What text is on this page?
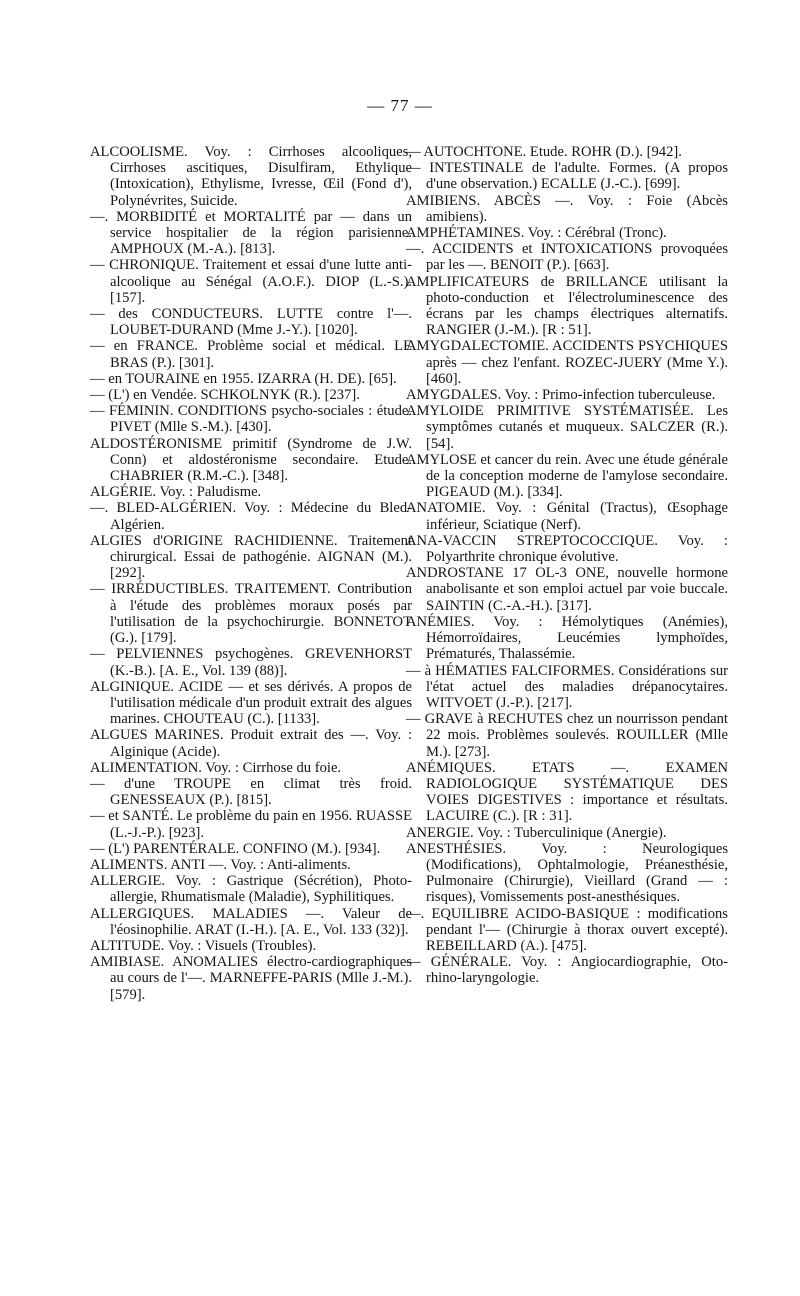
— 77 —

ALCOOLISME. Voy. : Cirrhoses alcooliques, Cirrhoses ascitiques, Disulfiram, Ethylique (Intoxication), Ethylisme, Ivresse, Œil (Fond d'), Polynévrites, Suicide.

—. MORBIDITÉ et MORTALITÉ par — dans un service hospitalier de la région parisienne. AMPHOUX (M.-A.). [813].

— CHRONIQUE. Traitement et essai d'une lutte anti-alcoolique au Sénégal (A.O.F.). DIOP (L.-S.). [157].

— des CONDUCTEURS. LUTTE contre l'—. LOUBET-DURAND (Mme J.-Y.). [1020].

— en FRANCE. Problème social et médical. LE BRAS (P.). [301].

— en TOURAINE en 1955. IZARRA (H. DE). [65].

— (L') en Vendée. SCHKOLNYK (R.). [237].

— FÉMININ. CONDITIONS psycho-sociales : étude. PIVET (Mlle S.-M.). [430].

ALDOSTÉRONISME primitif (Syndrome de J.W. Conn) et aldostéronisme secondaire. Etude. CHABRIER (R.M.-C.). [348].

ALGÉRIE. Voy. : Paludisme.

—. BLED-ALGÉRIEN. Voy. : Médecine du Bled-Algérien.

ALGIES d'ORIGINE RACHIDIENNE. Traitement chirurgical. Essai de pathogénie. AIGNAN (M.). [292].

— IRRÉDUCTIBLES. TRAITEMENT. Contribution à l'étude des problèmes moraux posés par l'utilisation de la psychochirurgie. BONNETOT (G.). [179].

— PELVIENNES psychogènes. GREVENHORST (K.-B.). [A. E., Vol. 139 (88)].

ALGINIQUE. ACIDE — et ses dérivés. A propos de l'utilisation médicale d'un produit extrait des algues marines. CHOUTEAU (C.). [1133].

ALGUES MARINES. Produit extrait des —. Voy. : Alginique (Acide).

ALIMENTATION. Voy. : Cirrhose du foie.

— d'une TROUPE en climat très froid. GENESSEAUX (P.). [815].

— et SANTÉ. Le problème du pain en 1956. RUASSE (L.-J.-P.). [923].

— (L') PARENTÉRALE. CONFINO (M.). [934].

ALIMENTS. ANTI —. Voy. : Anti-aliments.

ALLERGIE. Voy. : Gastrique (Sécrétion), Photo-allergie, Rhumatismale (Maladie), Syphilitiques.

ALLERGIQUES. MALADIES —. Valeur de l'éosinophilie. ARAT (I.-H.). [A. E., Vol. 133 (32)].

ALTITUDE. Voy. : Visuels (Troubles).

AMIBIASE. ANOMALIES électro-cardiographiques au cours de l'—. MARNEFFE-PARIS (Mlle J.-M.). [579].

— AUTOCHTONE. Etude. ROHR (D.). [942].

— INTESTINALE de l'adulte. Formes. (A propos d'une observation.) ECALLE (J.-C.). [699].

AMIBIENS. ABCÈS —. Voy. : Foie (Abcès amibiens).

AMPHÉTAMINES. Voy. : Cérébral (Tronc).

—. ACCIDENTS et INTOXICATIONS provoquées par les —. BENOIT (P.). [663].

AMPLIFICATEURS de BRILLANCE utilisant la photo-conduction et l'électroluminescence des écrans par les champs électriques alternatifs. RANGIER (J.-M.). [R : 51].

AMYGDALECTOMIE. ACCIDENTS PSYCHIQUES après — chez l'enfant. ROZEC-JUERY (Mme Y.). [460].

AMYGDALES. Voy. : Primo-infection tuberculeuse.

AMYLOIDE PRIMITIVE SYSTÉMATISÉE. Les symptômes cutanés et muqueux. SALCZER (R.). [54].

AMYLOSE et cancer du rein. Avec une étude générale de la conception moderne de l'amylose secondaire. PIGEAUD (M.). [334].

ANATOMIE. Voy. : Génital (Tractus), Œsophage inférieur, Sciatique (Nerf).

ANA-VACCIN STREPTOCOCCIQUE. Voy. : Polyarthrite chronique évolutive.

ANDROSTANE 17 OL-3 ONE, nouvelle hormone anabolisante et son emploi actuel par voie buccale. SAINTIN (C.-A.-H.). [317].

ANÉMIES. Voy. : Hémolytiques (Anémies), Hémorroïdaires, Leucémies lymphoïdes, Prématurés, Thalassémie.

— à HÉMATIES FALCIFORMES. Considérations sur l'état actuel des maladies drépanocytaires. WITVOET (J.-P.). [217].

— GRAVE à RECHUTES chez un nourrisson pendant 22 mois. Problèmes soulevés. ROUILLER (Mlle M.). [273].

ANÉMIQUES. ETATS —. EXAMEN RADIOLOGIQUE SYSTÉMATIQUE DES VOIES DIGESTIVES : importance et résultats. LACUIRE (C.). [R : 31].

ANERGIE. Voy. : Tuberculinique (Anergie).

ANESTHÉSIES. Voy. : Neurologiques (Modifications), Ophtalmologie, Préanesthésie, Pulmonaire (Chirurgie), Vieillard (Grand — : risques), Vomissements post-anesthésiques.

—. EQUILIBRE ACIDO-BASIQUE : modifications pendant l'— (Chirurgie à thorax ouvert excepté). REBEILLARD (A.). [475].

— GÉNÉRALE. Voy. : Angiocardiographie, Oto-rhino-laryngologie.
